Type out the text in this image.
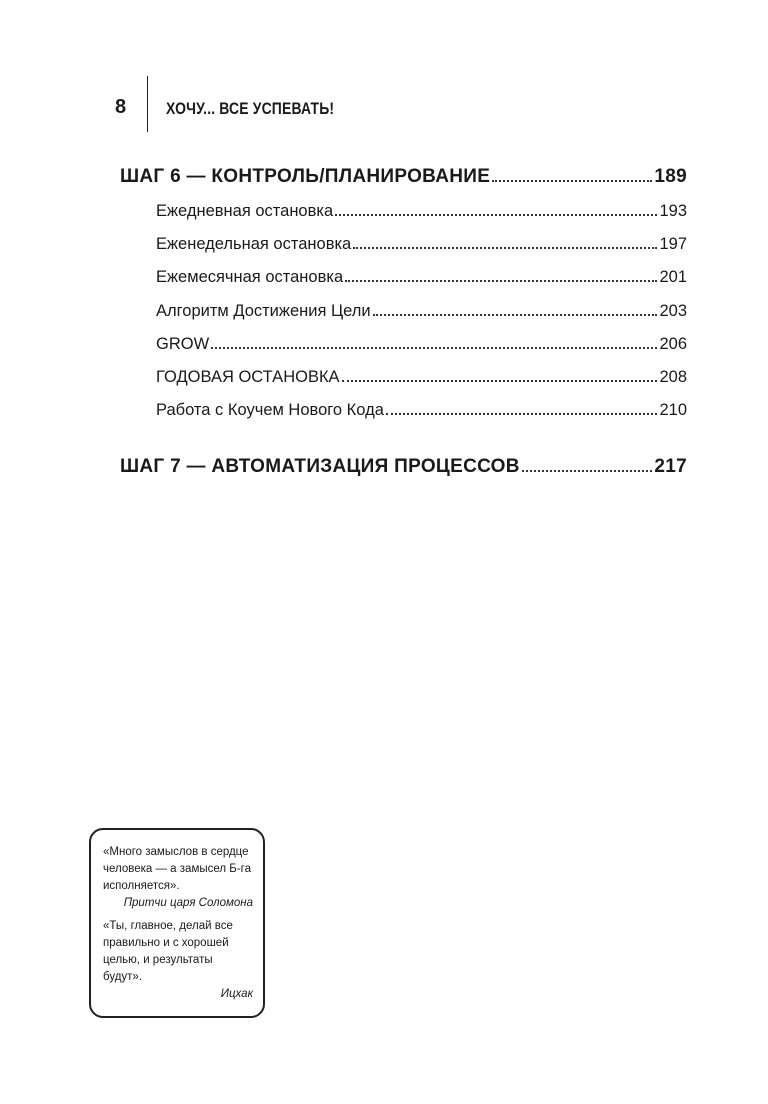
8 ХОЧУ... ВСЕ УСПЕВАТЬ!
ШАГ 6 — КОНТРОЛЬ/ПЛАНИРОВАНИЕ	189
Ежедневная остановка	193
Еженедельная остановка	197
Ежемесячная остановка	201
Алгоритм Достижения Цели	203
GROW	206
ГОДОВАЯ ОСТАНОВКА	208
Работа с Коучем Нового Кода	210
ШАГ 7 — АВТОМАТИЗАЦИЯ ПРОЦЕССОВ	217

«Много замыслов в сердце человека — а замысел Б-га исполняется».

Притчи царя Соломона

«Ты, главное, делай все правильно и с хорошей целью, и результаты будут».

Ицхак
